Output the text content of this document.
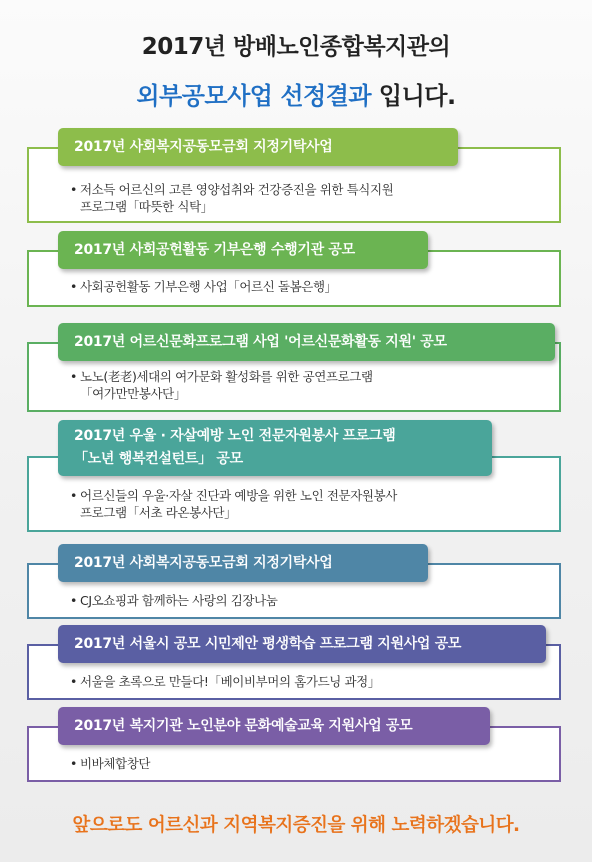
2017년 방배노인종합복지관의
외부공모사업 선정결과 입니다.
• 저소득 어르신의 고른 영양섭취와 건강증진을 위한 특식지원
프로그램「따뜻한 식탁」
2017년 사회복지공동모금회 지정기탁사업
• 사회공헌활동 기부은행 사업「어르신 돌봄은행」
2017년 사회공헌활동 기부은행 수행기관 공모
• 노노(老老)세대의 여가문화 활성화를 위한 공연프로그램
「여가만만봉사단」
2017년 어르신문화프로그램 사업 '어르신문화활동 지원' 공모
• 어르신들의 우울·자살 진단과 예방을 위한 노인 전문자원봉사
프로그램「서초 라온봉사단」
2017년 우울 · 자살예방 노인 전문자원봉사 프로그램
「노년 행복컨설턴트」 공모
• CJ오쇼핑과 함께하는 사랑의 김장나눔
2017년 사회복지공동모금회 지정기탁사업
• 서울을 초록으로 만들다!「베이비부머의 홈가드닝 과정」
2017년 서울시 공모 시민제안 평생학습 프로그램 지원사업 공모
• 비바체합창단
2017년 복지기관 노인분야 문화예술교육 지원사업 공모
앞으로도 어르신과 지역복지증진을 위해 노력하겠습니다.
